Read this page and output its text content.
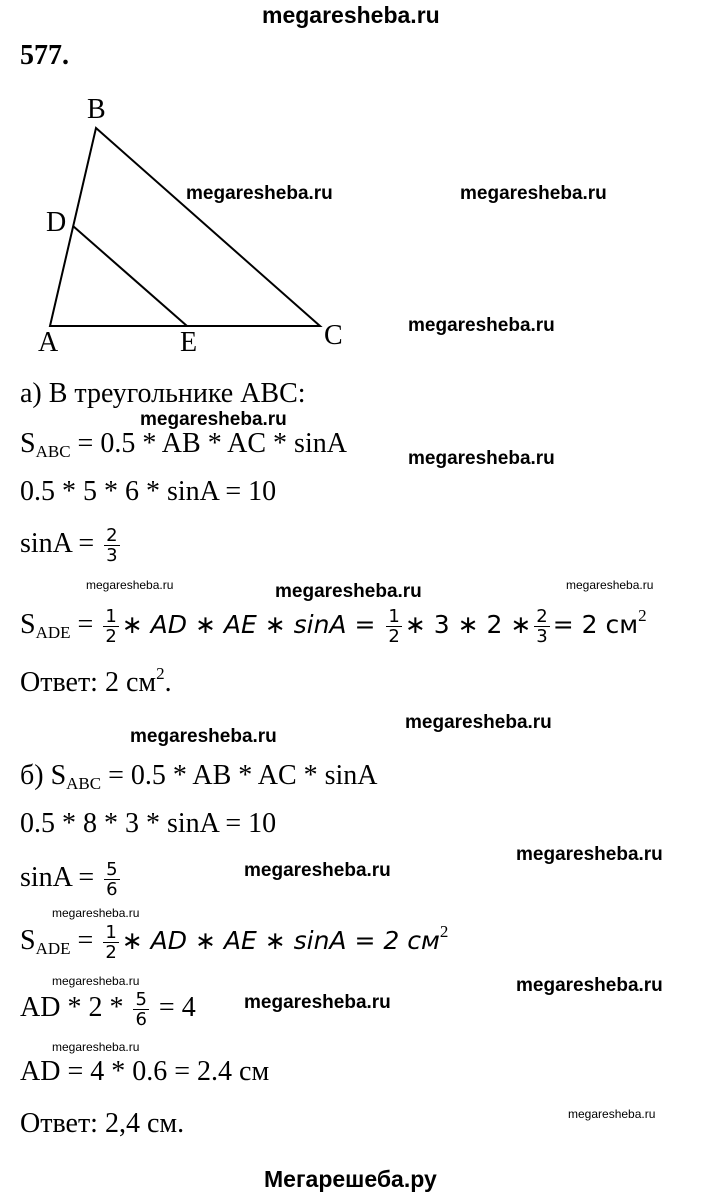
megaresheba.ru
577.
B
D
A	E	C
а) В треугольнике ABC:
$S_{ABC} = 0.5$ * AB * AC * sinA
0.5 * 5 * 6 * sinA = 10
$\sin A = \frac{2}{3}$
$S_{ADE} = \frac{1}{2}$ ∗ AD ∗ AE ∗ $\sin A = \frac{1}{2}$ ∗ 3 ∗ 2 ∗ $\frac{2}{3} = 2$ $см^2$
Ответ: 2 $см^2$.
б) $S_{ABC} = 0.5$ * AB * AC * sinA
0.5 * 8 * 3 * sinA = 10
$\sin A = \frac{5}{6}$
$S_{ADE} = \frac{1}{2}$ ∗ AD ∗ AE ∗ sinA = 2 $см^2$
AD * $2 * \frac{5}{6} = 4$
AD = 4 * 0.6 = 2.4 см
Ответ: 2,4 см.
megaresheba.ru	megaresheba.ru
megaresheba.ru
megaresheba.ru
megaresheba.ru
megaresheba.ru
megaresheba.ru
megaresheba.ru
megaresheba.ru
megaresheba.ru
megaresheba.ru
megaresheba.ru
megaresheba.ru	megaresheba.ru
megaresheba.ru
megaresheba.ru
megaresheba.ru
megaresheba.ru
Мегарешеба.ру
